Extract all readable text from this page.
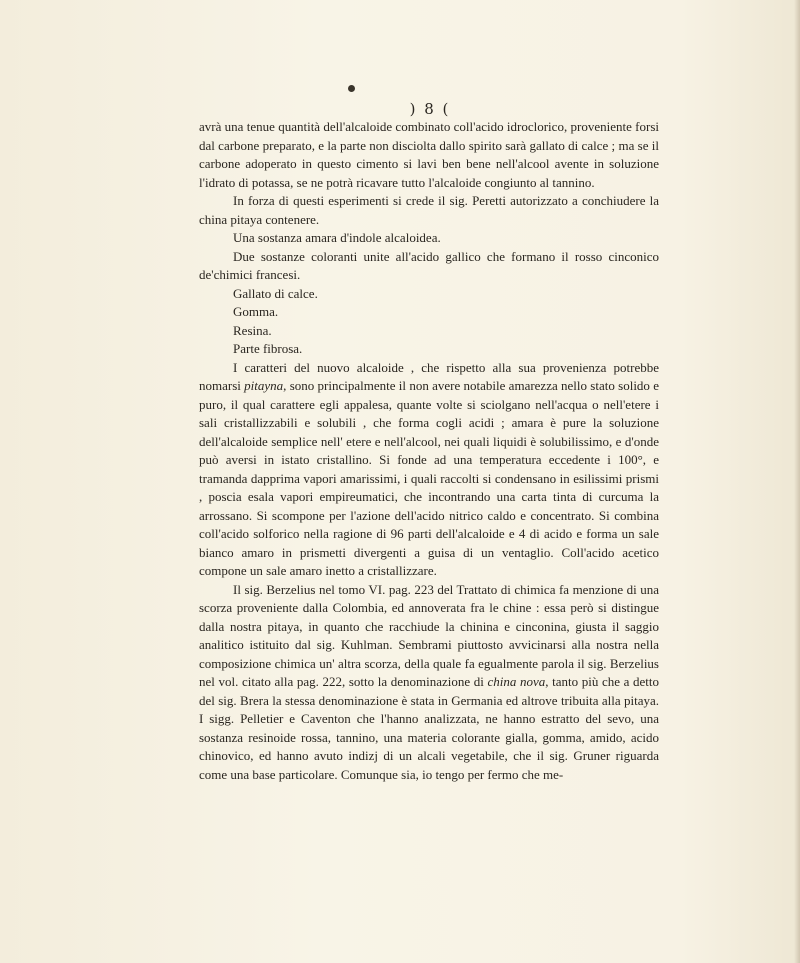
) 8 (

avrà una tenue quantità dell'alcaloide combinato coll'acido idroclorico, proveniente forsi dal carbone preparato, e la parte non disciolta dallo spirito sarà gallato di calce ; ma se il carbone adoperato in questo cimento si lavi ben bene nell'alcool avente in soluzione l'idrato di potassa, se ne potrà ricavare tutto l'alcaloide congiunto al tannino.

In forza di questi esperimenti si crede il sig. Peretti autorizzato a conchiudere la china pitaya contenere.

Una sostanza amara d'indole alcaloidea.

Due sostanze coloranti unite all'acido gallico che formano il rosso cinconico de'chimici francesi.

Gallato di calce.

Gomma.

Resina.

Parte fibrosa.

I caratteri del nuovo alcaloide , che rispetto alla sua provenienza potrebbe nomarsi pitayna, sono principalmente il non avere notabile amarezza nello stato solido e puro, il qual carattere egli appalesa, quante volte si sciolgano nell'acqua o nell'etere i sali cristallizzabili e solubili , che forma cogli acidi ; amara è pure la soluzione dell'alcaloide semplice nell' etere e nell'alcool, nei quali liquidi è solubilissimo, e d'onde può aversi in istato cristallino. Si fonde ad una temperatura eccedente i 100°, e tramanda dapprima vapori amarissimi, i quali raccolti si condensano in esilissimi prismi , poscia esala vapori empireumatici, che incontrando una carta tinta di curcuma la arrossano. Si scompone per l'azione dell'acido nitrico caldo e concentrato. Si combina coll'acido solforico nella ragione di 96 parti dell'alcaloide e 4 di acido e forma un sale bianco amaro in prismetti divergenti a guisa di un ventaglio. Coll'acido acetico compone un sale amaro inetto a cristallizzare.

Il sig. Berzelius nel tomo VI. pag. 223 del Trattato di chimica fa menzione di una scorza proveniente dalla Colombia, ed annoverata fra le chine : essa però si distingue dalla nostra pitaya, in quanto che racchiude la chinina e cinconina, giusta il saggio analitico istituito dal sig. Kuhlman. Sembrami piuttosto avvicinarsi alla nostra nella composizione chimica un' altra scorza, della quale fa egualmente parola il sig. Berzelius nel vol. citato alla pag. 222, sotto la denominazione di china nova, tanto più che a detto del sig. Brera la stessa denominazione è stata in Germania ed altrove tribuita alla pitaya. I sigg. Pelletier e Caventon che l'hanno analizzata, ne hanno estratto del sevo, una sostanza resinoide rossa, tannino, una materia colorante gialla, gomma, amido, acido chinovico, ed hanno avuto indizj di un alcali vegetabile, che il sig. Gruner riguarda come una base particolare. Comunque sia, io tengo per fermo che me-
